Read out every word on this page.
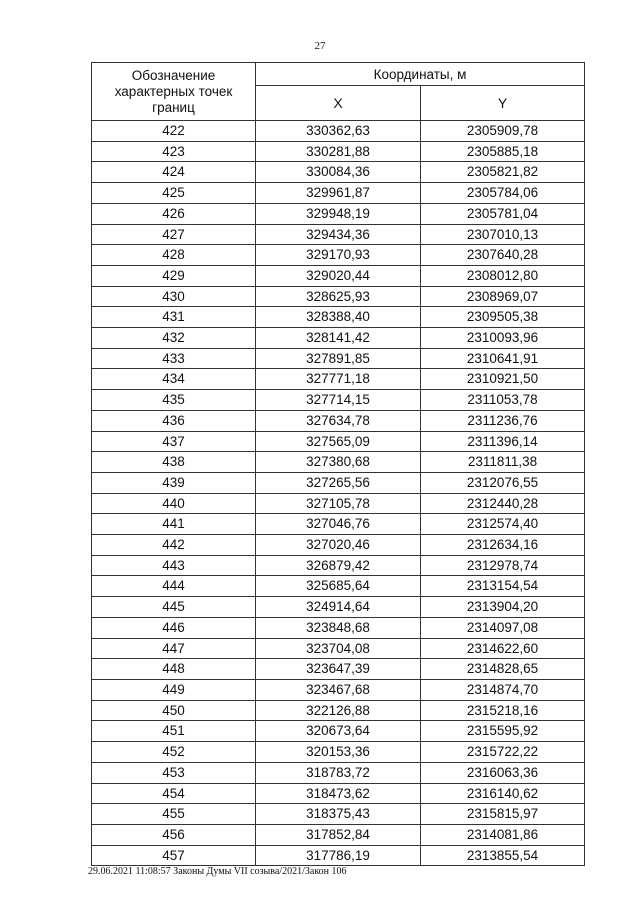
27
Обозначение характерных точек границ	Координаты, м	
	X	Y
422	330362,63	2305909,78
423	330281,88	2305885,18
424	330084,36	2305821,82
425	329961,87	2305784,06
426	329948,19	2305781,04
427	329434,36	2307010,13
428	329170,93	2307640,28
429	329020,44	2308012,80
430	328625,93	2308969,07
431	328388,40	2309505,38
432	328141,42	2310093,96
433	327891,85	2310641,91
434	327771,18	2310921,50
435	327714,15	2311053,78
436	327634,78	2311236,76
437	327565,09	2311396,14
438	327380,68	2311811,38
439	327265,56	2312076,55
440	327105,78	2312440,28
441	327046,76	2312574,40
442	327020,46	2312634,16
443	326879,42	2312978,74
444	325685,64	2313154,54
445	324914,64	2313904,20
446	323848,68	2314097,08
447	323704,08	2314622,60
448	323647,39	2314828,65
449	323467,68	2314874,70
450	322126,88	2315218,16
451	320673,64	2315595,92
452	320153,36	2315722,22
453	318783,72	2316063,36
454	318473,62	2316140,62
455	318375,43	2315815,97
456	317852,84	2314081,86
457	317786,19	2313855,54
29.06.2021 11:08:57 Законы Думы VII созыва/2021/Закон 106
